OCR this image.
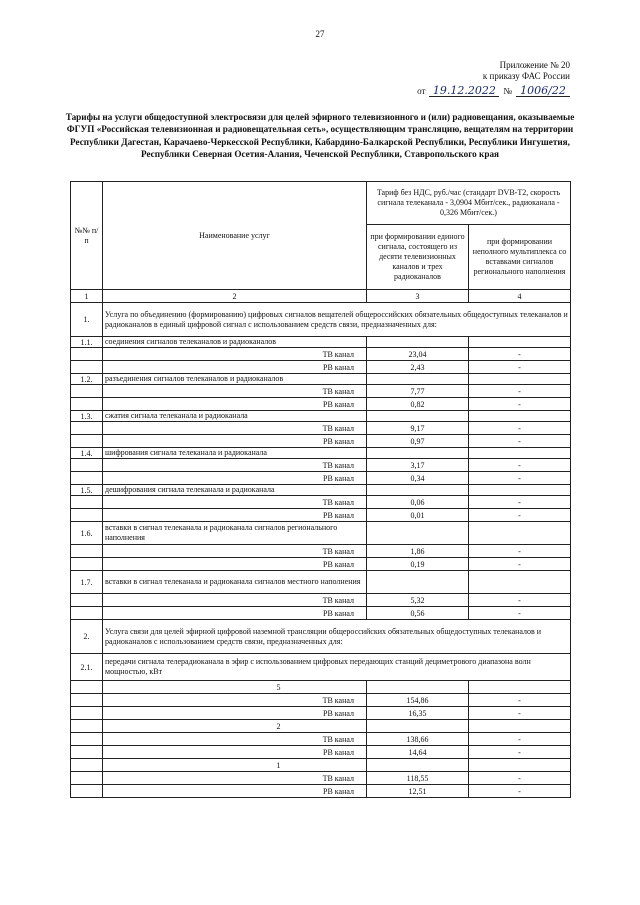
27
Приложение № 20
к приказу ФАС России
от 19.12.2022 № 1006/22
Тарифы на услуги общедоступной электросвязи для целей эфирного телевизионного и (или) радиовещания, оказываемые ФГУП «Российская телевизионная и радиовещательная сеть», осуществляющим трансляцию, вещателям на территории Республики Дагестан, Карачаево-Черкесской Республики, Кабардино-Балкарской Республики, Республики Ингушетия, Республики Северная Осетия-Алания, Чеченской Республики, Ставропольского края
№№ п/п	Наименование услуг	Тариф без НДС, руб./час (стандарт DVB-T2, скорость сигнала телеканала - 3,0904 Мбит/сек., радиоканала - 0,326 Мбит/сек.)	
		при формировании единого сигнала, состоящего из десяти телевизионных каналов и трех радиоканалов	при формировании неполного мультиплекса со вставками сигналов регионального наполнения
1	2	3	4
1.	Услуга по объединению (формированию) цифровых сигналов вещателей общероссийских обязательных общедоступных телеканалов и радиоканалов в единый цифровой сигнал с использованием средств связи, предназначенных для:		
1.1.	соединения сигналов телеканалов и радиоканалов		
	ТВ канал	23,04	-
	РВ канал	2,43	-
1.2.	разъединения сигналов телеканалов и радиоканалов		
	ТВ канал	7,77	-
	РВ канал	0,82	-
1.3.	сжатия сигнала телеканала и радиоканала		
	ТВ канал	9,17	-
	РВ канал	0,97	-
1.4.	шифрования сигнала телеканала и радиоканала		
	ТВ канал	3,17	-
	РВ канал	0,34	-
1.5.	дешифрования сигнала телеканала и радиоканала		
	ТВ канал	0,06	-
	РВ канал	0,01	-
1.6.	вставки в сигнал телеканала и радиоканала сигналов регионального наполнения		
	ТВ канал	1,86	-
	РВ канал	0,19	-
1.7.	вставки в сигнал телеканала и радиоканала сигналов местного наполнения		
	ТВ канал	5,32	-
	РВ канал	0,56	-
2.	Услуга связи для целей эфирной цифровой наземной трансляции общероссийских обязательных общедоступных телеканалов и радиоканалов с использованием средств связи, предназначенных для:		
2.1.	передачи сигнала телерадиоканала в эфир с использованием цифровых передающих станций дециметрового диапазона волн мощностью, кВт		
	5		
	ТВ канал	154,86	-
	РВ канал	16,35	-
	2		
	ТВ канал	138,66	-
	РВ канал	14,64	-
	1		
	ТВ канал	118,55	-
	РВ канал	12,51	-
